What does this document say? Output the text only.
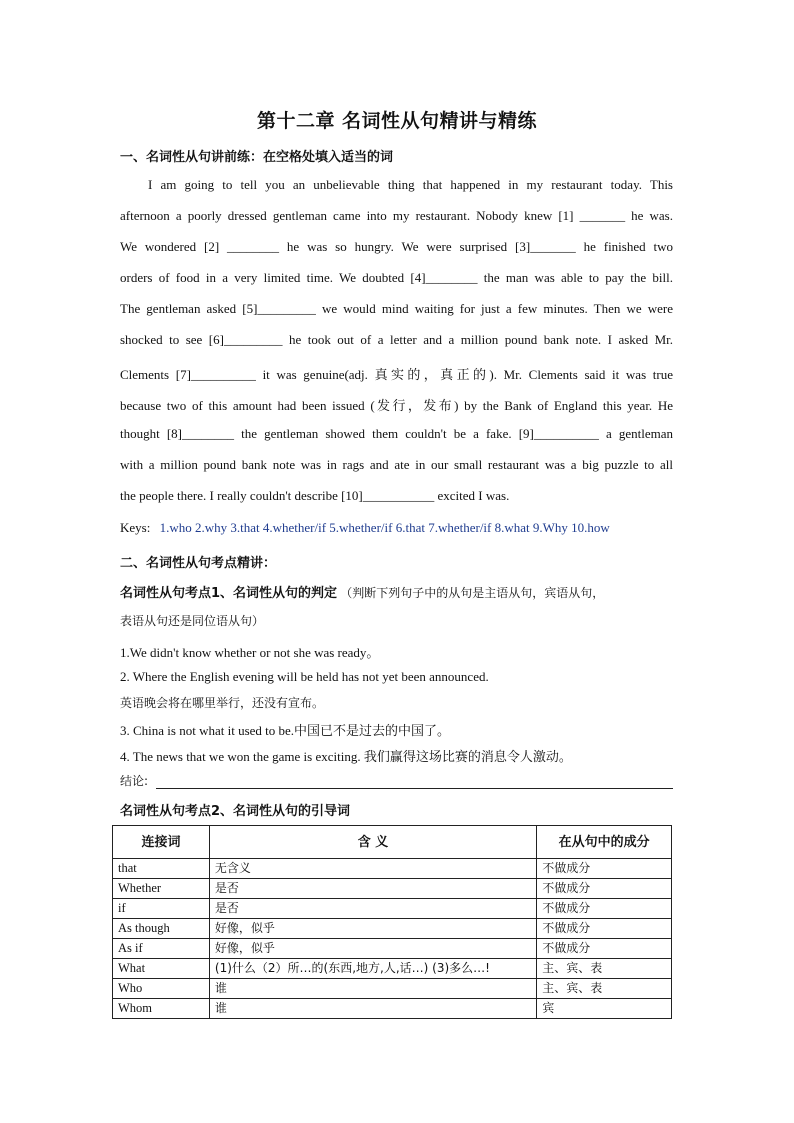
第十二章 名词性从句精讲与精练
一、名词性从句讲前练：在空格处填入适当的词
I am going to tell you an unbelievable thing that happened in my restaurant today. This
afternoon a poorly dressed gentleman came into my restaurant. Nobody knew [1] _______ he was.
We wondered [2] ________ he was so hungry. We were surprised [3]_______ he finished two
orders of food in a very limited time. We doubted [4]________ the man was able to pay the bill.
The gentleman asked [5]_________ we would mind waiting for just a few minutes. Then we were
shocked to see [6]_________ he took out of a letter and a million pound bank note. I asked Mr.
Clements [7]__________ it was genuine(adj. 真实的，真正的). Mr. Clements said it was true
because two of this amount had been issued (发行，发布) by the Bank of England this year. He
thought [8]________ the gentleman showed them couldn't be a fake. [9]__________ a gentleman
with a million pound bank note was in rags and ate in our small restaurant was a big puzzle to all
the people there. I really couldn't describe [10]___________ excited I was.
Keys: 1.who 2.why 3.that 4.whether/if 5.whether/if 6.that 7.whether/if 8.what 9.Why 10.how
二、名词性从句考点精讲：
名词性从句考点1、名词性从句的判定 （判断下列句子中的从句是主语从句，宾语从句，
表语从句还是同位语从句）
1.We didn't know whether or not she was ready。
2. Where the English evening will be held has not yet been announced.
英语晚会将在哪里举行，还没有宣布。
3. China is not what it used to be.中国已不是过去的中国了。
4. The news that we won the game is exciting. 我们赢得这场比赛的消息令人激动。
结论:
名词性从句考点2、名词性从句的引导词
连接词	含 义	在从句中的成分
that	无含义	不做成分
Whether	是否	不做成分
if	是否	不做成分
As though	好像，似乎	不做成分
As if	好像，似乎	不做成分
What	(1)什么（2）所…的(东西,地方,人,话…) (3)多么…!	主、宾、表
Who	谁	主、宾、表
Whom	谁	宾
